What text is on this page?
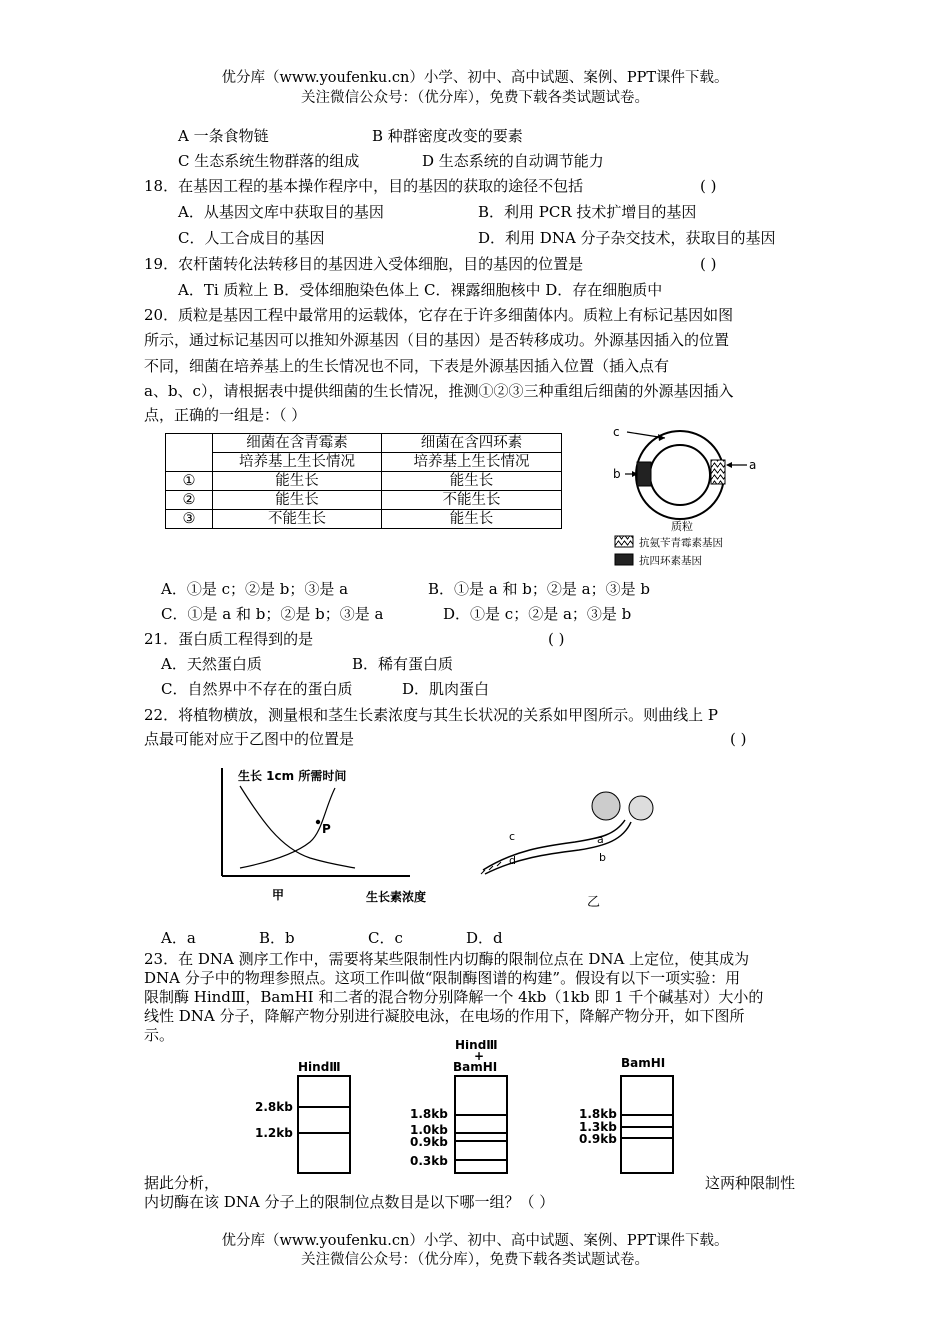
优分库（www.youfenku.cn）小学、初中、高中试题、案例、PPT课件下载。
关注微信公众号：（优分库），免费下载各类试题试卷。
A 一条食物链	B 种群密度改变的要素
C 生态系统生物群落的组成	D 生态系统的自动调节能力
18．在基因工程的基本操作程序中，目的基因的获取的途径不包括	( )
A．从基因文库中获取目的基因	B．利用 PCR 技术扩增目的基因
C．人工合成目的基因	D．利用 DNA 分子杂交技术，获取目的基因
19．农杆菌转化法转移目的基因进入受体细胞，目的基因的位置是	( )
A．Ti 质粒上 B．受体细胞染色体上 C．裸露细胞核中 D．存在细胞质中
20．质粒是基因工程中最常用的运载体，它存在于许多细菌体内。质粒上有标记基因如图
所示，通过标记基因可以推知外源基因（目的基因）是否转移成功。外源基因插入的位置
不同，细菌在培养基上的生长情况也不同，下表是外源基因插入位置（插入点有
a、b、c），请根据表中提供细菌的生长情况，推测①②③三种重组后细菌的外源基因插入
点，正确的一组是：（ ）
	细菌在含青霉素	细菌在含四环素
	培养基上生长情况	培养基上生长情况
①	能生长	能生长
②	能生长	不能生长
③	不能生长	能生长
c
b
a
质粒
抗氨苄青霉素基因
抗四环素基因
A．①是 c；②是 b；③是 a	B．①是 a 和 b；②是 a；③是 b
C．①是 a 和 b；②是 b；③是 a	D．①是 c；②是 a；③是 b
21．蛋白质工程得到的是	( )
A．天然蛋白质	B．稀有蛋白质
C．自然界中不存在的蛋白质	D．肌肉蛋白
22．将植物横放，测量根和茎生长素浓度与其生长状况的关系如甲图所示。则曲线上 P
点最可能对应于乙图中的位置是	( )
P
生长 1cm 所需时间
甲	生长素浓度
c
d
a
b
乙
A．a	B．b	C．c	D．d
23．在 DNA 测序工作中，需要将某些限制性内切酶的限制位点在 DNA 上定位，使其成为
DNA 分子中的物理参照点。这项工作叫做“限制酶图谱的构建”。假设有以下一项实验：用
限制酶 HindⅢ，BamHI 和二者的混合物分别降解一个 4kb（1kb 即 1 千个碱基对）大小的
线性 DNA 分子，降解产物分别进行凝胶电泳，在电场的作用下，降解产物分开，如下图所
示。
HindⅢ
2.8kb
1.2kb
HindⅢ
+
BamHI
1.8kb
1.0kb
0.9kb
0.3kb
BamHI
1.8kb
1.3kb
0.9kb
据此分析，	这两种限制性
内切酶在该 DNA 分子上的限制位点数目是以下哪一组？（ ）
优分库（www.youfenku.cn）小学、初中、高中试题、案例、PPT课件下载。
关注微信公众号：（优分库），免费下载各类试题试卷。
